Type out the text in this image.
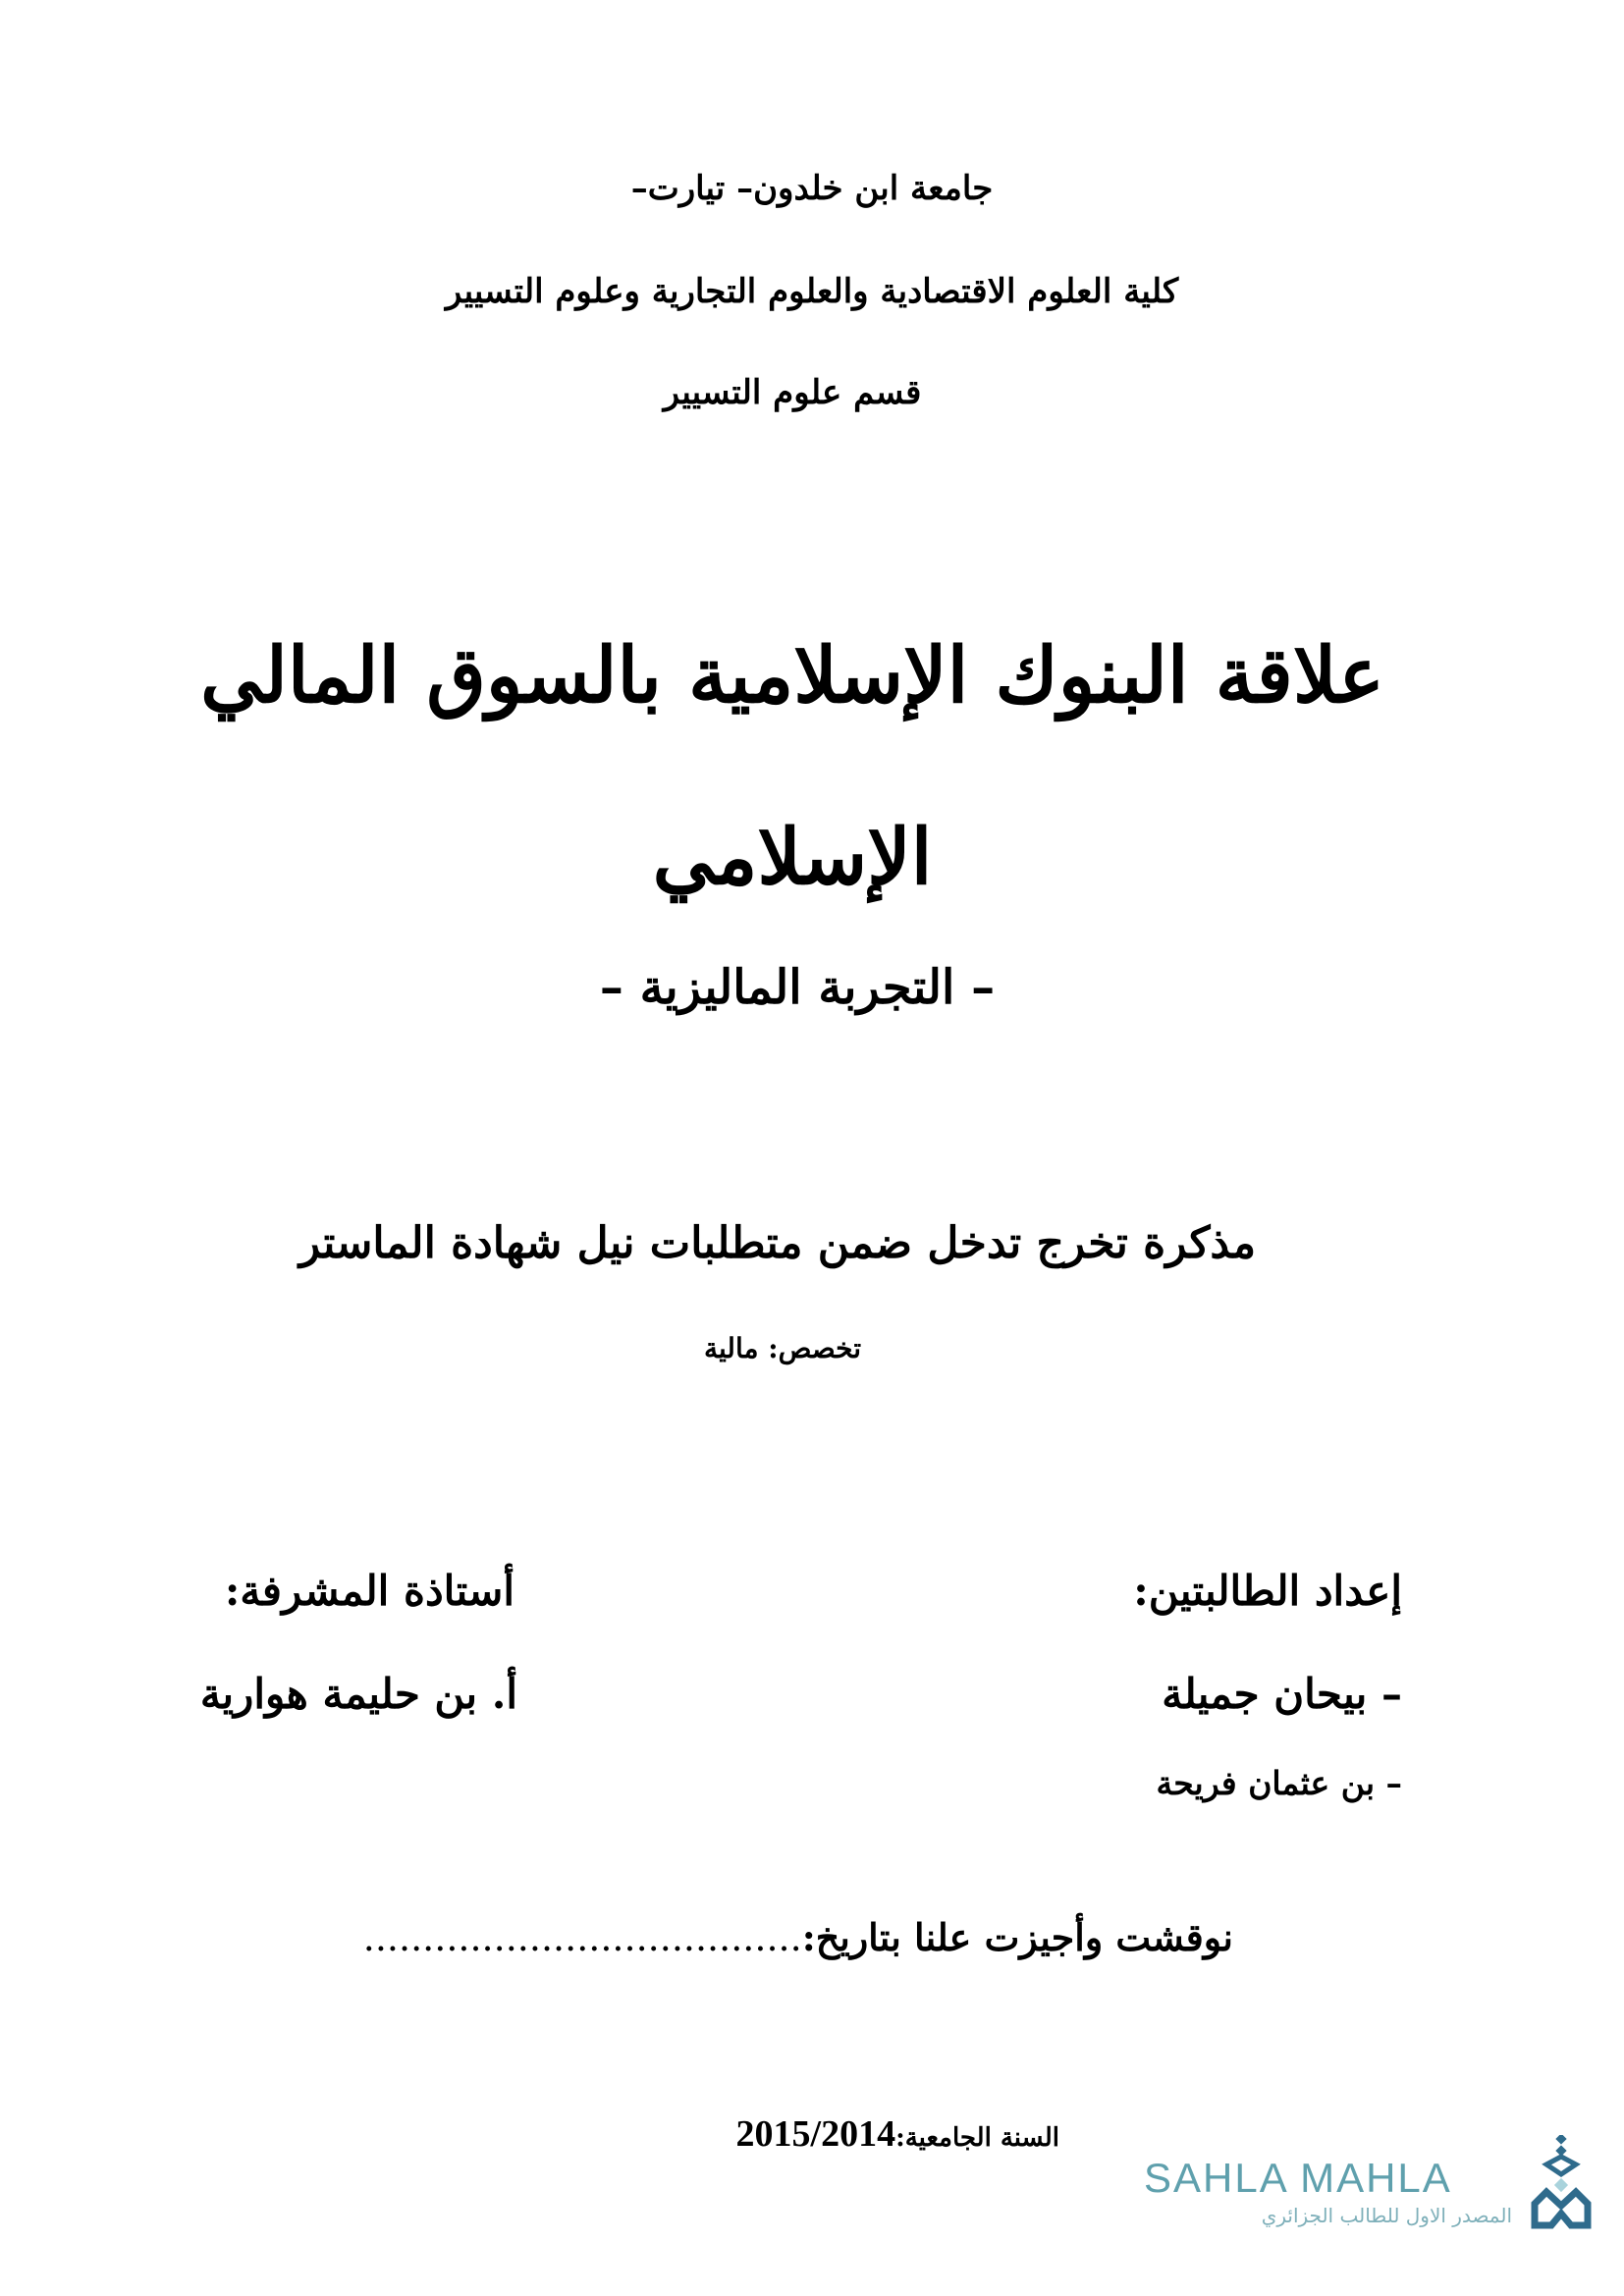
جامعة ابن خلدون– تيارت–
كلية العلوم الاقتصادية والعلوم التجارية وعلوم التسيير
قسم علوم التسيير
علاقة البنوك الإسلامية بالسوق المالي
الإسلامي
– التجربة الماليزية –
مذكرة تخرج تدخل ضمن متطلبات نيل شهادة الماستر
تخصص: مالية
إعداد الطالبتين:
– بيحان جميلة
– بن عثمان فريحة
أستاذة المشرفة:
أ. بن حليمة هوارية
نوقشت وأجيزت علنا بتاريخ:.....................................
السنة الجامعية:2015/2014
SAHLA MAHLA
المصدر الاول للطالب الجزائري
